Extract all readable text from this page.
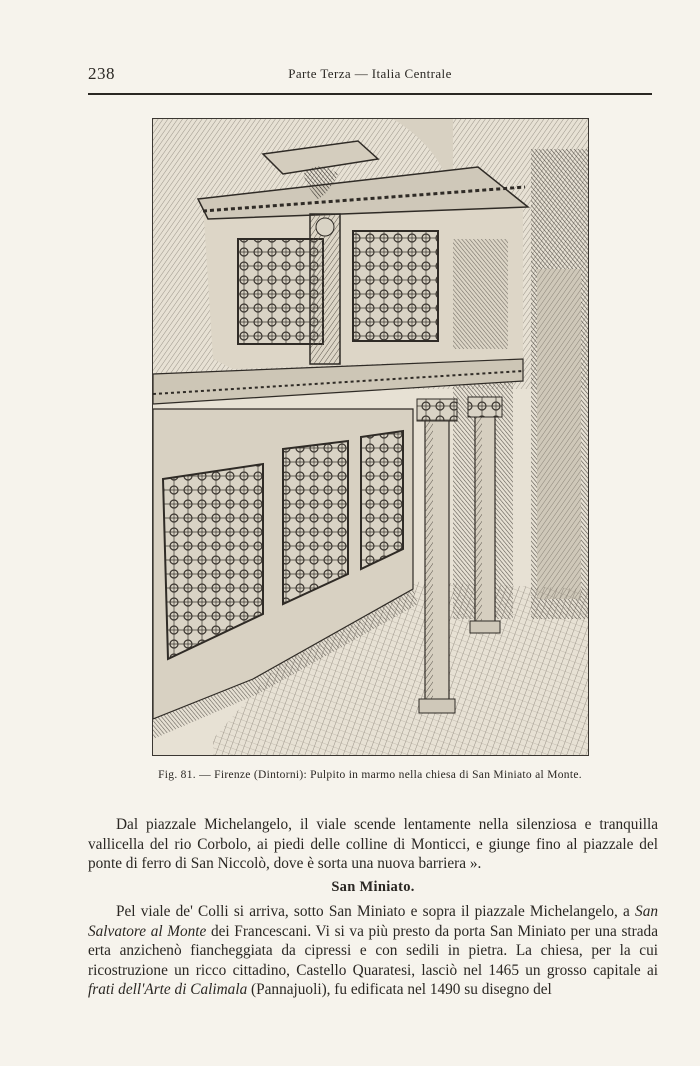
238	Parte Terza — Italia Centrale
Fig. 81. — Firenze (Dintorni): Pulpito in marmo nella chiesa di San Miniato al Monte.
Dal piazzale Michelangelo, il viale scende lentamente nella silenziosa e tranquilla vallicella del rio Corbolo, ai piedi delle colline di Monticci, e giunge fino al piazzale del ponte di ferro di San Niccolò, dove è sorta una nuova barriera ».
San Miniato.
Pel viale de' Colli si arriva, sotto San Miniato e sopra il piazzale Michelangelo, a San Salvatore al Monte dei Francescani. Vi si va più presto da porta San Miniato per una strada erta anzichenò fiancheggiata da cipressi e con sedili in pietra. La chiesa, per la cui ricostruzione un ricco cittadino, Castello Quaratesi, lasciò nel 1465 un grosso capitale ai frati dell'Arte di Calimala (Pannajuoli), fu edificata nel 1490 su disegno del
